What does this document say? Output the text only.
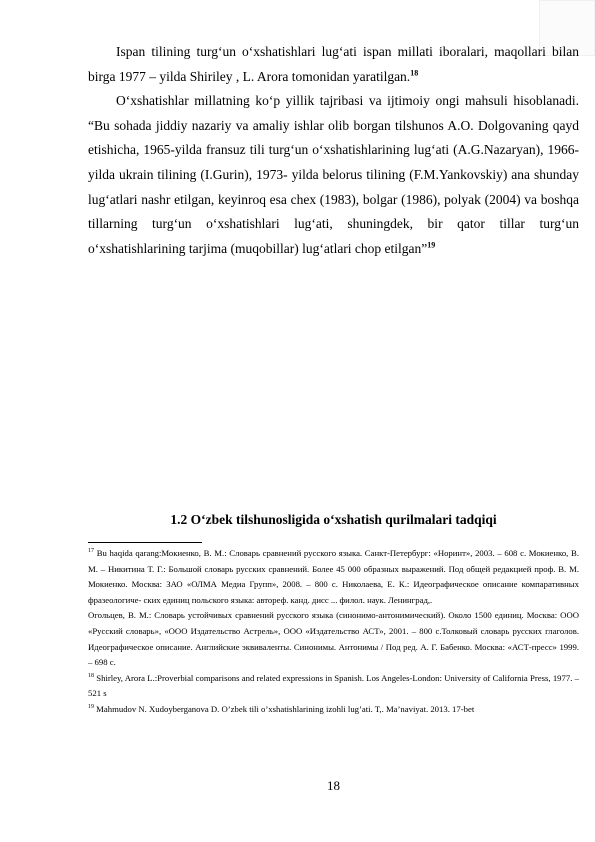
Ispan tilining turg‘un o‘xshatishlari lug‘ati ispan millati iboralari, maqollari bilan birga 1977 – yilda Shiriley , L. Arora tomonidan yaratilgan.$^{18}$

O‘xshatishlar millatning ko‘p yillik tajribasi va ijtimoiy ongi mahsuli hisoblanadi. “Bu sohada jiddiy nazariy va amaliy ishlar olib borgan tilshunos A.O. Dolgovaning qayd etishicha, 1965-yilda fransuz tili turg‘un o‘xshatishlarining lug‘ati (A.G.Nazaryan), 1966-yilda ukrain tilining (I.Gurin), 1973- yilda belorus tilining (F.M.Yankovskiy) ana shunday lug‘atlari nashr etilgan, keyinroq esa chex (1983), bolgar (1986), polyak (2004) va boshqa tillarning turg‘un o‘xshatishlari lug‘ati, shuningdek, bir qator tillar turg‘un o‘xshatishlarining tarjima (muqobillar) lug‘atlari chop etilgan”$^{19}$

1.2 O‘zbek tilshunosligida o‘xshatish qurilmalari tadqiqi

$^{17}$ Bu haqida qarang:Мокиенко, В. М.: Словарь сравнений русского языка. Санкт-Петербург: «Норинт», 2003. – 608 с. Мокиенко, В. М. – Никитина Т. Г.: Большой словарь русских сравнений. Более 45 000 образных выражений. Под общей редакцией проф. В. М. Мокиенко. Москва: ЗАО «ОЛМА Медиа Групп», 2008. – 800 с. Николаева, Е. К.: Идеографическое описание компаративных фразеологиче- ских единиц польского языка: автореф. канд. дисс ... филол. наук. Ленинград,.

Огольцев, В. М.: Словарь устойчивых сравнений русского языка (синонимо-антонимический). Около 1500 единиц. Москва: ООО «Русский словарь», «ООО Издательство Астрель», ООО «Издательство АСТ», 2001. – 800 с.Толковый словарь русских глаголов. Идеографическое описание. Английские эквиваленты. Синонимы. Антонимы / Под ред. А. Г. Бабенко. Москва: «АСТ-пресс» 1999. – 698 с.

$^{18}$ Shirley, Arora L.:Proverbial comparisons and related expressions in Spanish. Los Angeles-London: University of California Press, 1977. – 521 s

$^{19}$ Mahmudov N. Xudoyberganova D. O’zbek tili o’xshatishlarining izohli lug’ati. T,. Ma’naviyat. 2013. 17-bet

18
